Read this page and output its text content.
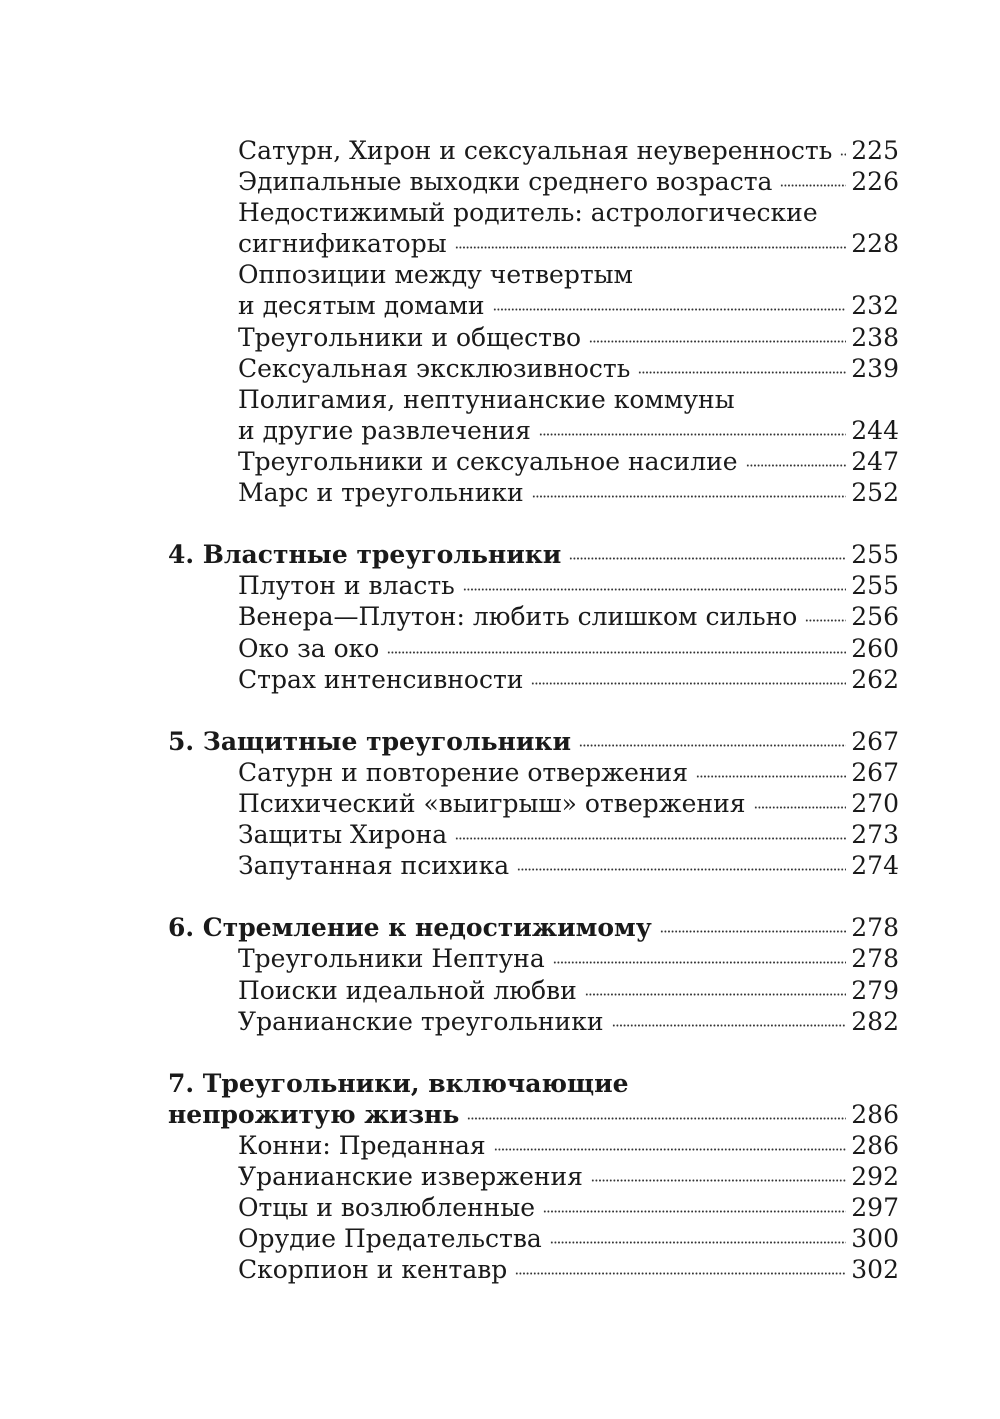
Сатурн, Хирон и сексуальная неуверенность 225
Эдипальные выходки среднего возраста	226
Недостижимый родитель: астрологические
сигнификаторы	228
Оппозиции между четвертым
и десятым домами	232
Треугольники и общество	238
Сексуальная эксклюзивность	239
Полигамия, нептунианские коммуны
и другие развлечения	244
Треугольники и сексуальное насилие	247
Марс и треугольники	252
4. Властные треугольники	255
Плутон и власть	255
Венера—Плутон: любить слишком сильно 256
Око за око	260
Страх интенсивности	262
5. Защитные треугольники	267
Сатурн и повторение отвержения	267
Психический «выигрыш» отвержения	270
Защиты Хирона	273
Запутанная психика	274
6. Стремление к недостижимому	278
Треугольники Нептуна	278
Поиски идеальной любви	279
Уранианские треугольники	282
7. Треугольники, включающие
непрожитую жизнь	286
Конни: Преданная	286
Уранианские извержения	292
Отцы и возлюбленные	297
Орудие Предательства	300
Скорпион и кентавр	302
